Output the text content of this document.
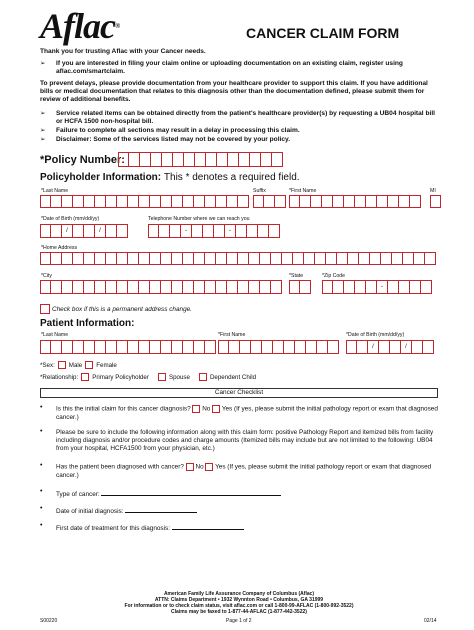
Aflac®	CANCER CLAIM FORM
Thank you for trusting Aflac with your Cancer needs.
➢	If you are interested in filing your claim online or uploading documentation on an existing claim, register using aflac.com/smartclaim.
To prevent delays, please provide documentation from your healthcare provider to support this claim. If you have additional bills or medical documentation that relates to this diagnosis other than the documentation defined, please submit them for review of additional benefits.
➢	Service related items can be obtained directly from the patient's healthcare provider(s) by requesting a UB04 hospital bill or HCFA 1500 non-hospital bill.
➢	Failure to complete all sections may result in a delay in processing this claim.
➢	Disclaimer: Some of the services listed may not be covered by your policy.
*Policy Number:
Policyholder Information: This * denotes a required field.
*Last Name	Suffix	*First Name	MI
*Date of Birth (mm/dd/yy)	Telephone Number where we can reach you
/	/	-	-
*Home Address
*City	*State	*Zip Code
-
Check box if this is a permanent address change.
Patient Information:
*Last Name	*First Name	*Date of Birth (mm/dd/yy)
/	/
*Sex: Male Female
*Relationship: Primary Policyholder	Spouse	Dependent Child
Cancer Checklist
• Is this the initial claim for this cancer diagnosis? No Yes (If yes, please submit the initial pathology report or exam that diagnosed cancer.)
• Please be sure to include the following information along with this claim form: positive Pathology Report and itemized bills from facility including diagnosis and/or procedure codes and charge amounts (Itemized bills may include but are not limited to the following: UB04 from your hospital, HCFA1500 from your physician, etc.)
• Has the patient been diagnosed with cancer? No Yes (If yes, please submit the initial pathology report or exam that diagnosed cancer.)
• Type of cancer:
• Date of initial diagnosis:
• First date of treatment for this diagnosis:
American Family Life Assurance Company of Columbus (Aflac)
ATTN: Claims Department • 1932 Wynnton Road • Columbus, GA 31999
For information or to check claim status, visit aflac.com or call 1-800-99-AFLAC (1-800-992-3522)
Claims may be faxed to 1-877-44-AFLAC (1-877-442-3522)
S00220	Page 1 of 2	02/14
